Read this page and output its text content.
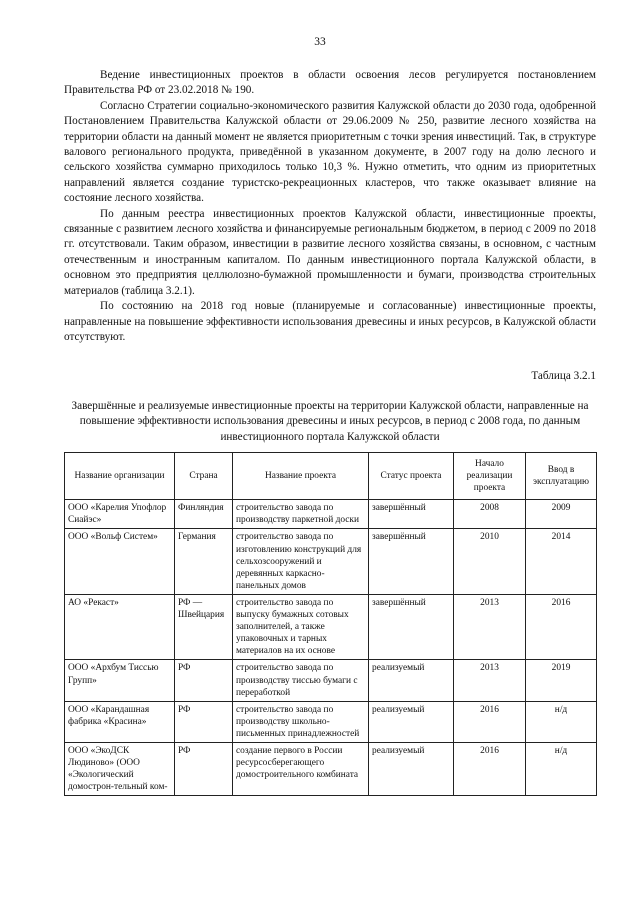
33

Ведение инвестиционных проектов в области освоения лесов регулируется постановлением Правительства РФ от 23.02.2018 № 190.

Согласно Стратегии социально-экономического развития Калужской области до 2030 года, одобренной Постановлением Правительства Калужской области от 29.06.2009 № 250, развитие лесного хозяйства на территории области на данный момент не является приоритетным с точки зрения инвестиций. Так, в структуре валового регионального продукта, приведённой в указанном документе, в 2007 году на долю лесного и сельского хозяйства суммарно приходилось только 10,3 %. Нужно отметить, что одним из приоритетных направлений является создание туристско-рекреационных кластеров, что также оказывает влияние на состояние лесного хозяйства.

По данным реестра инвестиционных проектов Калужской области, инвестиционные проекты, связанные с развитием лесного хозяйства и финансируемые региональным бюджетом, в период с 2009 по 2018 гг. отсутствовали. Таким образом, инвестиции в развитие лесного хозяйства связаны, в основном, с частным отечественным и иностранным капиталом. По данным инвестиционного портала Калужской области, в основном это предприятия целлюлозно-бумажной промышленности и бумаги, производства строительных материалов (таблица 3.2.1).

По состоянию на 2018 год новые (планируемые и согласованные) инвестиционные проекты, направленные на повышение эффективности использования древесины и иных ресурсов, в Калужской области отсутствуют.

Таблица 3.2.1
Завершённые и реализуемые инвестиционные проекты на территории Калужской области, направленные на повышение эффективности использования древесины и иных ресурсов, в период с 2008 года, по данным инвестиционного портала Калужской области
Название организации	Страна	Название проекта	Статус проекта	Начало реализации проекта	Ввод в эксплуатацию
ООО «Карелия Упофлор Сиайэс»	Финляндия	строительство завода по производству паркетной доски	завершённый	2008	2009
ООО «Вольф Систем»	Германия	строительство завода по изготовлению конструкций для сельхозсооружений и деревянных каркасно-панельных домов	завершённый	2010	2014
АО «Рекаст»	РФ — Швейцария	строительство завода по выпуску бумажных сотовых заполнителей, а также упаковочных и тарных материалов на их основе	завершённый	2013	2016
ООО «Архбум Тиссью Групп»	РФ	строительство завода по производству тиссью бумаги с переработкой	реализуемый	2013	2019
ООО «Карандашная фабрика «Красина»	РФ	строительство завода по производству школьно-письменных принадлежностей	реализуемый	2016	н/д
ООО «ЭкоДСК Людиново» (ООО «Экологический домострон-тельный ком-	РФ	создание первого в России ресурсосберегающего домостроительного комбината	реализуемый	2016	н/д
